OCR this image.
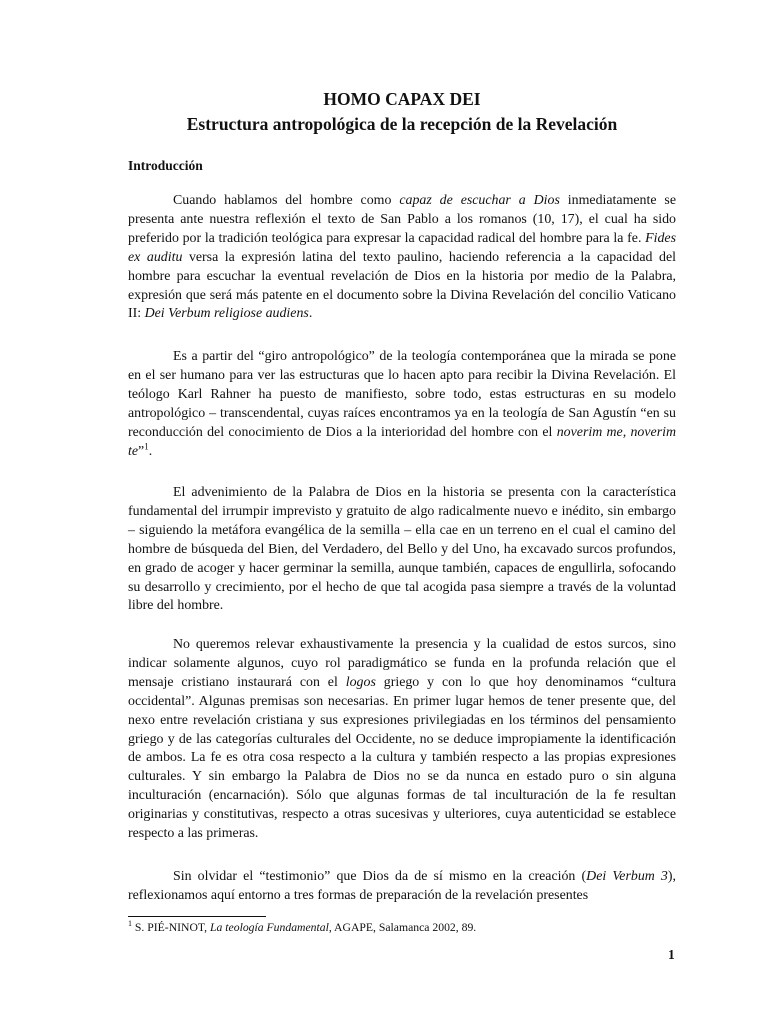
HOMO CAPAX DEI
Estructura antropológica de la recepción de la Revelación
Introducción

Cuando hablamos del hombre como capaz de escuchar a Dios inmediatamente se presenta ante nuestra reflexión el texto de San Pablo a los romanos (10, 17), el cual ha sido preferido por la tradición teológica para expresar la capacidad radical del hombre para la fe. Fides ex auditu versa la expresión latina del texto paulino, haciendo referencia a la capacidad del hombre para escuchar la eventual revelación de Dios en la historia por medio de la Palabra, expresión que será más patente en el documento sobre la Divina Revelación del concilio Vaticano II: Dei Verbum religiose audiens.

Es a partir del “giro antropológico” de la teología contemporánea que la mirada se pone en el ser humano para ver las estructuras que lo hacen apto para recibir la Divina Revelación. El teólogo Karl Rahner ha puesto de manifiesto, sobre todo, estas estructuras en su modelo antropológico – transcendental, cuyas raíces encontramos ya en la teología de San Agustín “en su reconducción del conocimiento de Dios a la interioridad del hombre con el noverim me, noverim te”$^1$.

El advenimiento de la Palabra de Dios en la historia se presenta con la característica fundamental del irrumpir imprevisto y gratuito de algo radicalmente nuevo e inédito, sin embargo – siguiendo la metáfora evangélica de la semilla – ella cae en un terreno en el cual el camino del hombre de búsqueda del Bien, del Verdadero, del Bello y del Uno, ha excavado surcos profundos, en grado de acoger y hacer germinar la semilla, aunque también, capaces de engullirla, sofocando su desarrollo y crecimiento, por el hecho de que tal acogida pasa siempre a través de la voluntad libre del hombre.

No queremos relevar exhaustivamente la presencia y la cualidad de estos surcos, sino indicar solamente algunos, cuyo rol paradigmático se funda en la profunda relación que el mensaje cristiano instaurará con el logos griego y con lo que hoy denominamos “cultura occidental”. Algunas premisas son necesarias. En primer lugar hemos de tener presente que, del nexo entre revelación cristiana y sus expresiones privilegiadas en los términos del pensamiento griego y de las categorías culturales del Occidente, no se deduce impropiamente la identificación de ambos. La fe es otra cosa respecto a la cultura y también respecto a las propias expresiones culturales. Y sin embargo la Palabra de Dios no se da nunca en estado puro o sin alguna inculturación (encarnación). Sólo que algunas formas de tal inculturación de la fe resultan originarias y constitutivas, respecto a otras sucesivas y ulteriores, cuya autenticidad se establece respecto a las primeras.

Sin olvidar el “testimonio” que Dios da de sí mismo en la creación (Dei Verbum 3), reflexionamos aquí entorno a tres formas de preparación de la revelación presentes

$^1$ S. PIÉ-NINOT, La teología Fundamental, AGAPE, Salamanca 2002, 89.

1
